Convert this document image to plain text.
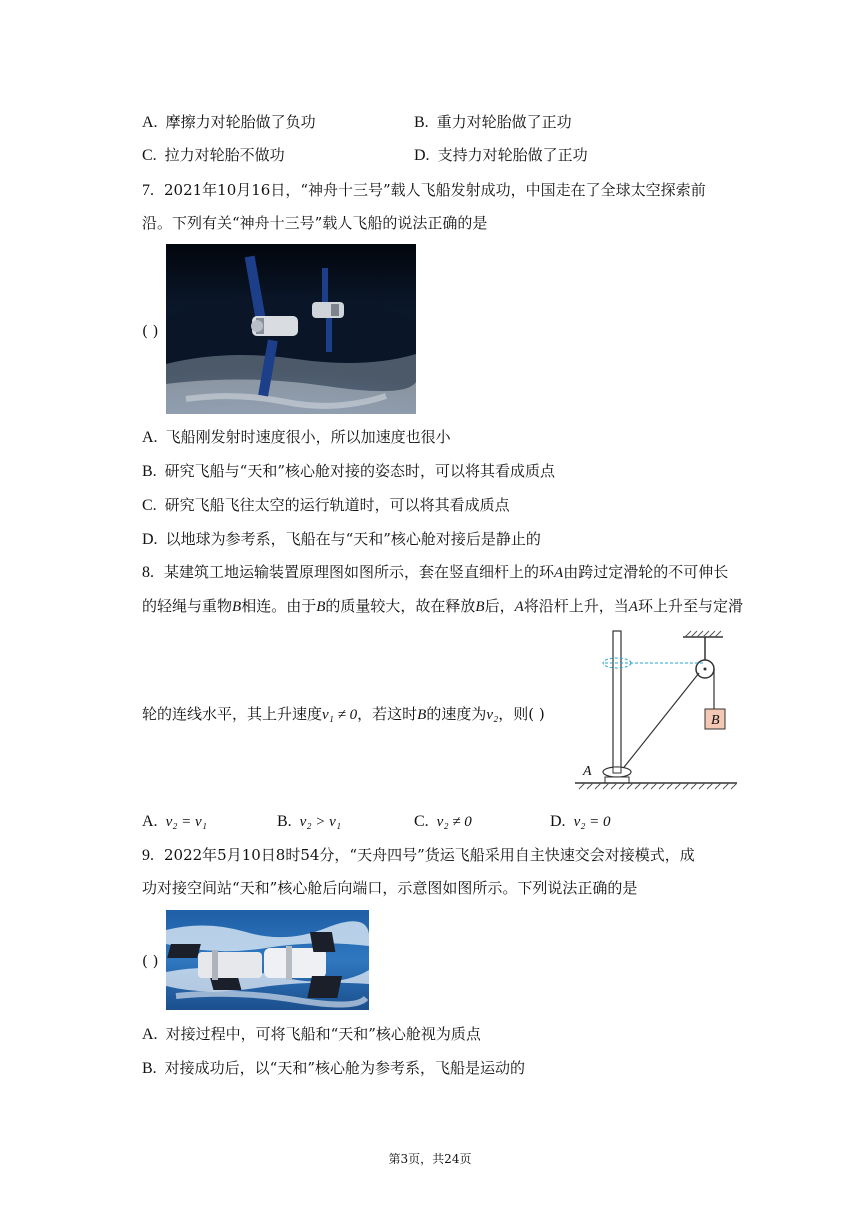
A. 摩擦力对轮胎做了负功	B. 重力对轮胎做了正功
C. 拉力对轮胎不做功	D. 支持力对轮胎做了正功
7. 2021年10月16日，“神舟十三号”载人飞船发射成功，中国走在了全球太空探索前
沿。下列有关“神舟十三号”载人飞船的说法正确的是
( )
A. 飞船刚发射时速度很小，所以加速度也很小
B. 研究飞船与“天和”核心舱对接的姿态时，可以将其看成质点
C. 研究飞船飞往太空的运行轨道时，可以将其看成质点
D. 以地球为参考系，飞船在与“天和”核心舱对接后是静止的
8. 某建筑工地运输装置原理图如图所示，套在竖直细杆上的环A由跨过定滑轮的不可伸长
的轻绳与重物B相连。由于B的质量较大，故在释放B后，A将沿杆上升，当A环上升至与定滑
轮的连线水平，其上升速度v₁ ≠ 0，若这时B的速度为v₂，则( )	B
A
A. v₂ = v₁	B. v₂ > v₁	C. v₂ ≠ 0	D. v₂ = 0
9. 2022年5月10日8时54分，“天舟四号”货运飞船采用自主快速交会对接模式，成
功对接空间站“天和”核心舱后向端口，示意图如图所示。下列说法正确的是
( )
A. 对接过程中，可将飞船和“天和”核心舱视为质点
B. 对接成功后，以“天和”核心舱为参考系，飞船是运动的
第3页，共24页
